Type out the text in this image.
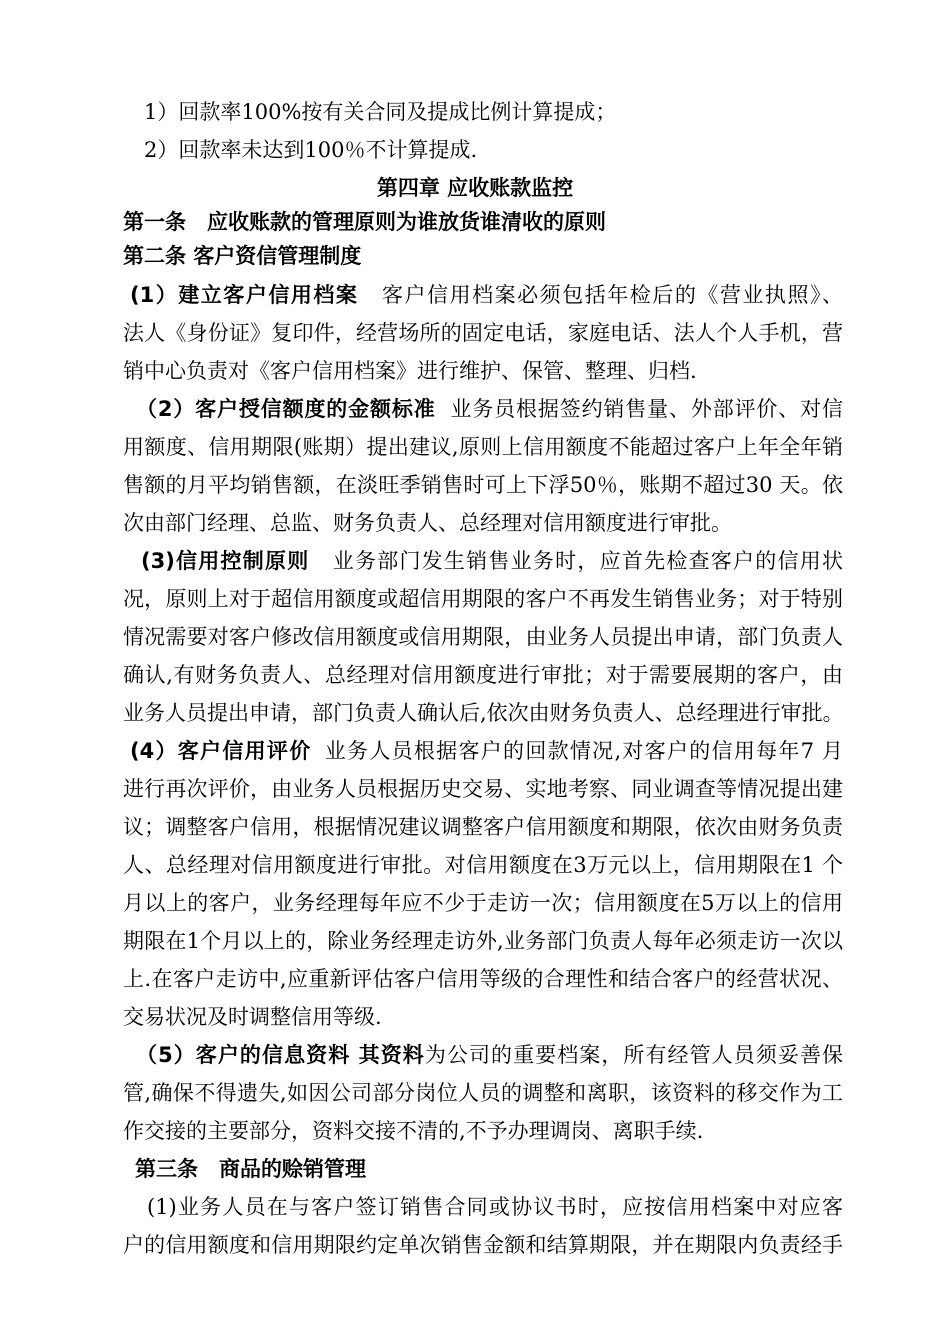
1）回款率100%按有关合同及提成比例计算提成；
2）回款率未达到100％不计算提成.
第四章 应收账款监控
第一条　应收账款的管理原则为谁放货谁清收的原则
第二条 客户资信管理制度
(1）建立客户信用档案 客户信用档案必须包括年检后的《营业执照》、
法人《身份证》复印件，经营场所的固定电话，家庭电话、法人个人手机，营
销中心负责对《客户信用档案》进行维护、保管、整理、归档.
（2）客户授信额度的金额标准 业务员根据签约销售量、外部评价、对信
用额度、信用期限(账期）提出建议,原则上信用额度不能超过客户上年全年销
售额的月平均销售额，在淡旺季销售时可上下浮50％，账期不超过30 天。依
次由部门经理、总监、财务负责人、总经理对信用额度进行审批。
(3)信用控制原则 业务部门发生销售业务时，应首先检查客户的信用状
况，原则上对于超信用额度或超信用期限的客户不再发生销售业务；对于特别
情况需要对客户修改信用额度或信用期限，由业务人员提出申请，部门负责人
确认,有财务负责人、总经理对信用额度进行审批；对于需要展期的客户，由
业务人员提出申请，部门负责人确认后,依次由财务负责人、总经理进行审批。
(4）客户信用评价 业务人员根据客户的回款情况,对客户的信用每年7 月
进行再次评价，由业务人员根据历史交易、实地考察、同业调查等情况提出建
议；调整客户信用，根据情况建议调整客户信用额度和期限，依次由财务负责
人、总经理对信用额度进行审批。对信用额度在3万元以上，信用期限在1 个
月以上的客户，业务经理每年应不少于走访一次；信用额度在5万以上的信用
期限在1个月以上的，除业务经理走访外,业务部门负责人每年必须走访一次以
上.在客户走访中,应重新评估客户信用等级的合理性和结合客户的经营状况、
交易状况及时调整信用等级.
（5）客户的信息资料 其资料为公司的重要档案，所有经管人员须妥善保
管,确保不得遗失,如因公司部分岗位人员的调整和离职，该资料的移交作为工
作交接的主要部分，资料交接不清的,不予办理调岗、离职手续.
第三条　商品的赊销管理
(1)业务人员在与客户签订销售合同或协议书时，应按信用档案中对应客
户的信用额度和信用期限约定单次销售金额和结算期限，并在期限内负责经手
